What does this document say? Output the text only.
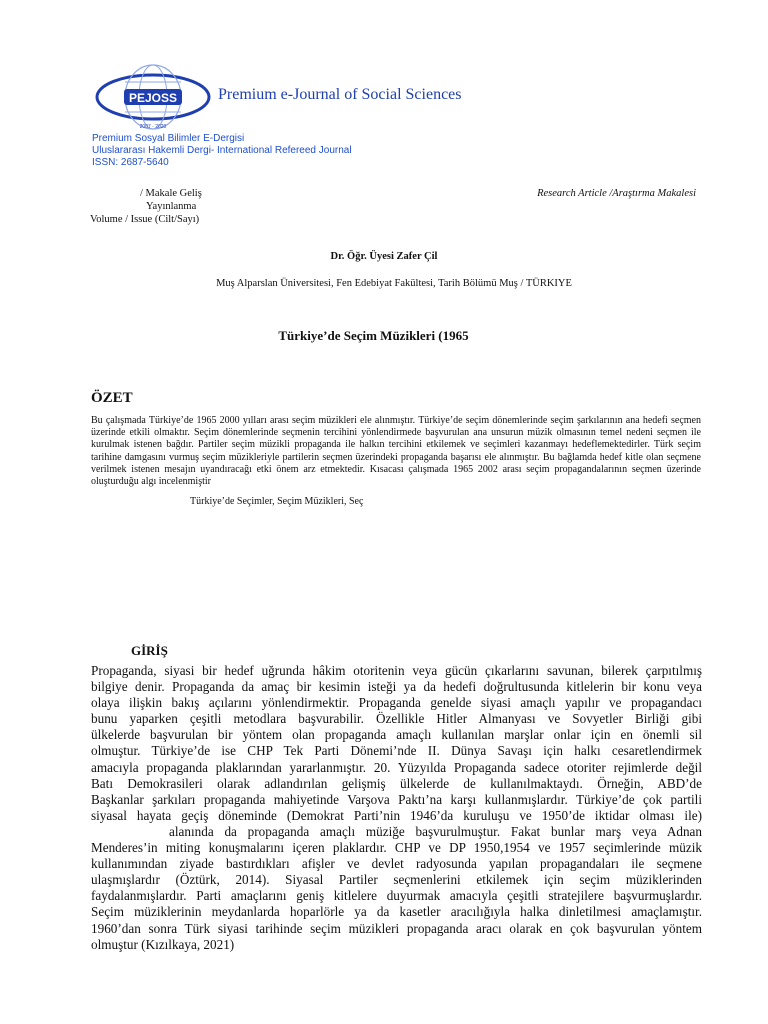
PEJOSS
2007 · 2020
Premium e-Journal of Social Sciences
Premium Sosyal Bilimler E-Dergisi
Uluslararası Hakemli Dergi- International Refereed Journal
ISSN: 2687-5640
/ Makale Geliş
Yayınlanma
Volume / Issue (Cilt/Sayı)
Research Article /Araştırma Makalesi
Dr. Öğr. Üyesi Zafer Çil
Muş Alparslan Üniversitesi, Fen Edebiyat Fakültesi, Tarih Bölümü Muş / TÜRKIYE
Türkiye’de Seçim Müzikleri (1965
ÖZET
Bu çalışmada Türkiye’de 1965 2000 yılları arası seçim müzikleri ele alınmıştır. Türkiye’de seçim dönemlerinde seçim şarkılarının ana hedefi seçmen üzerinde etkili olmaktır. Seçim dönemlerinde seçmenin tercihini yönlendirmede başvurulan ana unsurun müzik olmasının temel nedeni seçmen ile kurulmak istenen bağdır. Partiler seçim müzikli propaganda ile halkın tercihini etkilemek ve seçimleri kazanmayı hedeflemektedirler. Türk seçim tarihine damgasını vurmuş seçim müzikleriyle partilerin seçmen üzerindeki propaganda başarısı ele alınmıştır. Bu bağlamda hedef kitle olan seçmene verilmek istenen mesajın uyandıracağı etki önem arz etmektedir. Kısacası çalışmada 1965 2002 arası seçim propagandalarının seçmen üzerinde oluşturduğu algı incelenmiştir
Türkiye’de Seçimler, Seçim Müzikleri, Seç
GİRİŞ
Propaganda, siyasi bir hedef uğrunda hâkim otoritenin veya gücün çıkarlarını savunan, bilerek çarpıtılmış
bilgiye denir. Propaganda da amaç bir kesimin isteği ya da hedefi doğrultusunda kitlelerin bir konu veya
olaya ilişkin bakış açılarını yönlendirmektir. Propaganda genelde siyasi amaçlı yapılır ve propagandacı
bunu yaparken çeşitli metodlara başvurabilir. Özellikle Hitler Almanyası ve Sovyetler Birliği gibi
ülkelerde başvurulan bir yöntem olan propaganda amaçlı kullanılan marşlar onlar için en önemli sil
olmuştur. Türkiye’de ise CHP Tek Parti Dönemi’nde II. Dünya Savaşı için halkı cesaretlendirmek
amacıyla propaganda plaklarından yararlanmıştır. 20. Yüzyılda Propaganda sadece otoriter rejimlerde değil
Batı Demokrasileri olarak adlandırılan gelişmiş ülkelerde de kullanılmaktaydı. Örneğin, ABD’de
Başkanlar şarkıları propaganda mahiyetinde Varşova Paktı’na karşı kullanmışlardır. Türkiye’de çok partili
siyasal hayata geçiş döneminde (Demokrat Parti’nin 1946’da kuruluşu ve 1950’de iktidar olması ile)
alanında da propaganda amaçlı müziğe başvurulmuştur. Fakat bunlar marş veya Adnan
Menderes’in miting konuşmalarını içeren plaklardır. CHP ve DP 1950,1954 ve 1957 seçimlerinde müzik
kullanımından ziyade bastırdıkları afişler ve devlet radyosunda yapılan propagandaları ile seçmene
ulaşmışlardır (Öztürk, 2014). Siyasal Partiler seçmenlerini etkilemek için seçim müziklerinden
faydalanmışlardır. Parti amaçlarını geniş kitlelere duyurmak amacıyla çeşitli stratejilere başvurmuşlardır.
Seçim müziklerinin meydanlarda hoparlörle ya da kasetler aracılığıyla halka dinletilmesi amaçlamıştır.
1960’dan sonra Türk siyasi tarihinde seçim müzikleri propaganda aracı olarak en çok başvurulan yöntem
olmuştur (Kızılkaya, 2021)
